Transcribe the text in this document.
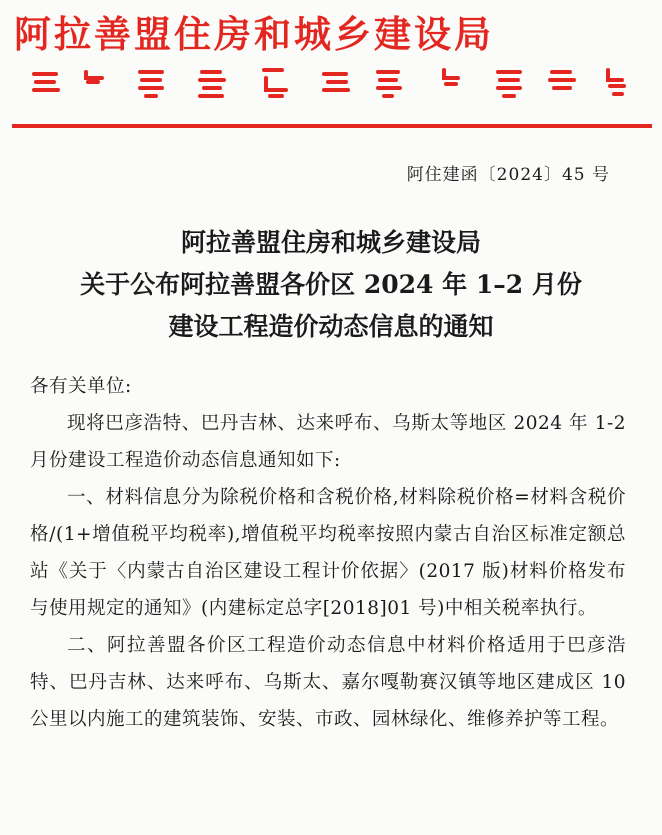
阿拉善盟住房和城乡建设局
阿住建函〔2024〕45 号
阿拉善盟住房和城乡建设局
关于公布阿拉善盟各价区 2024 年 1–2 月份
建设工程造价动态信息的通知

各有关单位:

现将巴彦浩特、巴丹吉林、达来呼布、乌斯太等地区 2024 年 1-2 月份建设工程造价动态信息通知如下:

一、材料信息分为除税价格和含税价格,材料除税价格=材料含税价格/(1+增值税平均税率),增值税平均税率按照内蒙古自治区标准定额总站《关于〈内蒙古自治区建设工程计价依据〉(2017 版)材料价格发布与使用规定的通知》(内建标定总字[2018]01 号)中相关税率执行。

二、阿拉善盟各价区工程造价动态信息中材料价格适用于巴彦浩特、巴丹吉林、达来呼布、乌斯太、嘉尔嘎勒赛汉镇等地区建成区 10 公里以内施工的建筑装饰、安装、市政、园林绿化、维修养护等工程。
